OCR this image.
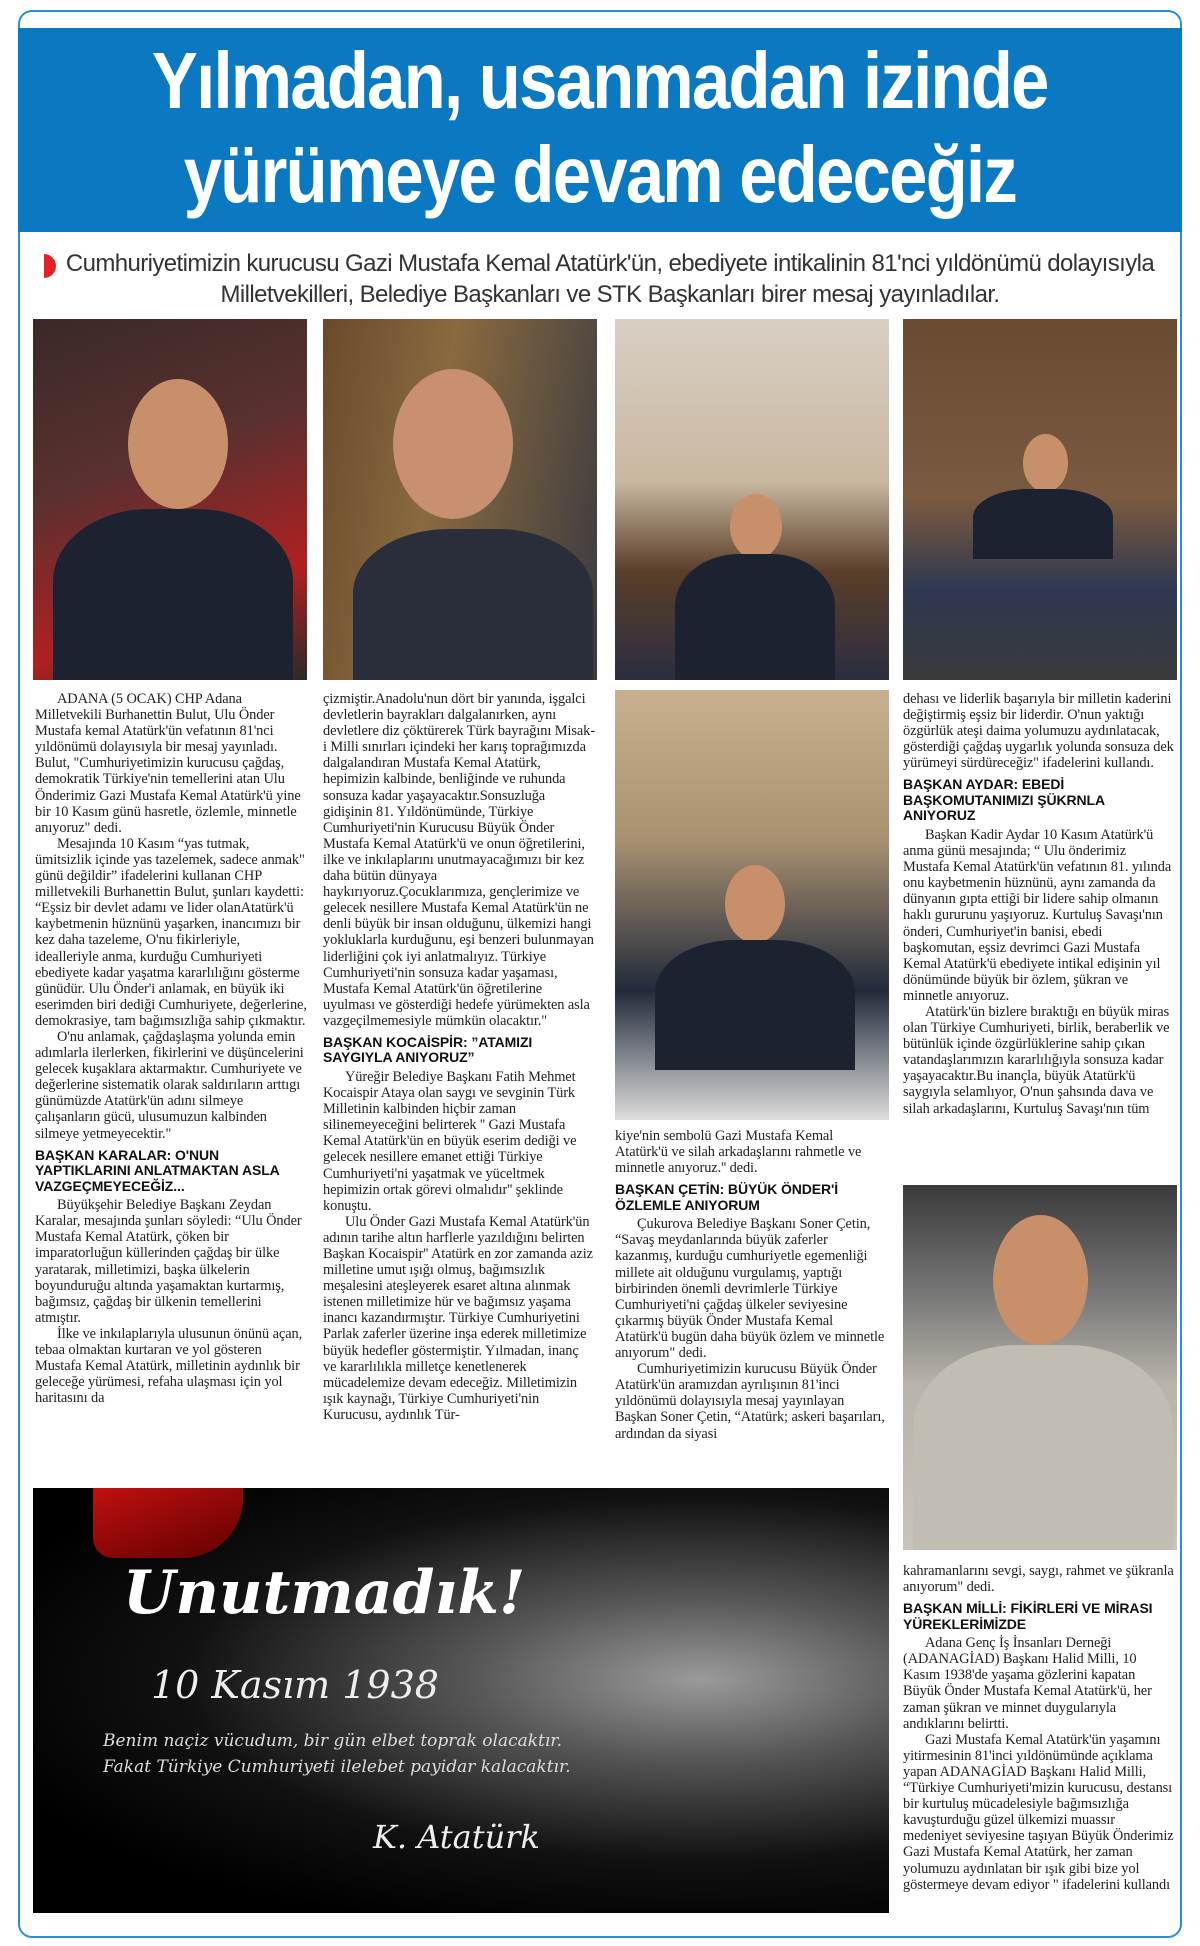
Yılmadan, usanmadan izinde
yürümeye devam edeceğiz
Cumhuriyetimizin kurucusu Gazi Mustafa Kemal Atatürk'ün, ebediyete intikalinin 81'nci yıldönümü dolayısıyla Milletvekilleri, Belediye Başkanları ve STK Başkanları birer mesaj yayınladılar.

ADANA (5 OCAK) CHP Adana Milletvekili Burhanettin Bulut, Ulu Önder Mustafa kemal Atatürk'ün vefatının 81'nci yıldönümü dolayısıyla bir mesaj yayınladı. Bulut, "Cumhuriyetimizin kurucusu çağdaş, demokratik Türkiye'nin temellerini atan Ulu Önderimiz Gazi Mustafa Kemal Atatürk'ü yine bir 10 Kasım günü hasretle, özlemle, minnetle anıyoruz" dedi.

Mesajında 10 Kasım “yas tutmak, ümitsizlik içinde yas tazelemek, sadece anmak" günü değildir” ifadelerini kullanan CHP milletvekili Burhanettin Bulut, şunları kaydetti: “Eşsiz bir devlet adamı ve lider olanAtatürk'ü kaybetmenin hüznünü yaşarken, inancımızı bir kez daha tazeleme, O'nu fikirleriyle, idealleriyle anma, kurduğu Cumhuriyeti ebediyete kadar yaşatma kararlılığını gösterme günüdür. Ulu Önder'i anlamak, en büyük iki eserimden biri dediği Cumhuriyete, değerlerine, demokrasiye, tam bağımsızlığa sahip çıkmaktır.

O'nu anlamak, çağdaşlaşma yolunda emin adımlarla ilerlerken, fikirlerini ve düşüncelerini gelecek kuşaklara aktarmaktır. Cumhuriyete ve değerlerine sistematik olarak saldırıların arttıgı günümüzde Atatürk'ün adını silmeye çalışanların gücü, ulusumuzun kalbinden silmeye yetmeyecektir."

BAŞKAN KARALAR: O'NUN YAPTIKLARINI ANLATMAKTAN ASLA VAZGEÇMEYECEĞİZ...

Büyükşehir Belediye Başkanı Zeydan Karalar, mesajında şunları söyledi: “Ulu Önder Mustafa Kemal Atatürk, çöken bir imparatorluğun küllerinden çağdaş bir ülke yaratarak, milletimizi, başka ülkelerin boyunduruğu altında yaşamaktan kurtarmış, bağımsız, çağdaş bir ülkenin temellerini atmıştır.

İlke ve inkılaplarıyla ulusunun önünü açan, tebaa olmaktan kurtaran ve yol gösteren Mustafa Kemal Atatürk, milletinin aydınlık bir geleceğe yürümesi, refaha ulaşması için yol haritasını da

çizmiştir.Anadolu'nun dört bir yanında, işgalci devletlerin bayrakları dalgalanırken, aynı devletlere diz çöktürerek Türk bayrağını Misak-i Milli sınırları içindeki her karış toprağımızda dalgalandıran Mustafa Kemal Atatürk, hepimizin kalbinde, benliğinde ve ruhunda sonsuza kadar yaşayacaktır.Sonsuzluğa gidişinin 81. Yıldönümünde, Türkiye Cumhuriyeti'nin Kurucusu Büyük Önder Mustafa Kemal Atatürk'ü ve onun öğretilerini, ilke ve inkılaplarını unutmayacağımızı bir kez daha bütün dünyaya haykırıyoruz.Çocuklarımıza, gençlerimize ve gelecek nesillere Mustafa Kemal Atatürk'ün ne denli büyük bir insan olduğunu, ülkemizi hangi yokluklarla kurduğunu, eşi benzeri bulunmayan liderliğini çok iyi anlatmalıyız. Türkiye Cumhuriyeti'nin sonsuza kadar yaşaması, Mustafa Kemal Atatürk'ün öğretilerine uyulması ve gösterdiği hedefe yürümekten asla vazgeçilmemesiyle mümkün olacaktır."

BAŞKAN KOCAİSPİR: ”ATAMIZI SAYGIYLA ANIYORUZ”

Yüreğir Belediye Başkanı Fatih Mehmet Kocaispir Ataya olan saygı ve sevginin Türk Milletinin kalbinden hiçbir zaman silinemeyeceğini belirterek '' Gazi Mustafa Kemal Atatürk'ün en büyük eserim dediği ve gelecek nesillere emanet ettiği Türkiye Cumhuriyeti'ni yaşatmak ve yüceltmek hepimizin ortak görevi olmalıdır'' şeklinde konuştu.

Ulu Önder Gazi Mustafa Kemal Atatürk'ün adının tarihe altın harflerle yazıldığını belirten Başkan Kocaispir'' Atatürk en zor zamanda aziz milletine umut ışığı olmuş, bağımsızlık meşalesini ateşleyerek esaret altına alınmak istenen milletimize hür ve bağımsız yaşama inancı kazandırmıştır. Türkiye Cumhuriyetini Parlak zaferler üzerine inşa ederek milletimize büyük hedefler göstermiştir. Yılmadan, inanç ve kararlılıkla milletçe kenetlenerek mücadelemize devam edeceğiz. Milletimizin ışık kaynağı, Türkiye Cumhuriyeti'nin Kurucusu, aydınlık Tür-

kiye'nin sembolü Gazi Mustafa Kemal Atatürk'ü ve silah arkadaşlarını rahmetle ve minnetle anıyoruz.'' dedi.

BAŞKAN ÇETİN: BÜYÜK ÖNDER'İ ÖZLEMLE ANIYORUM

Çukurova Belediye Başkanı Soner Çetin, “Savaş meydanlarında büyük zaferler kazanmış, kurduğu cumhuriyetle egemenliği millete ait olduğunu vurgulamış, yaptığı birbirinden önemli devrimlerle Türkiye Cumhuriyeti'ni çağdaş ülkeler seviyesine çıkarmış büyük Önder Mustafa Kemal Atatürk'ü bugün daha büyük özlem ve minnetle anıyorum" dedi.

Cumhuriyetimizin kurucusu Büyük Önder Atatürk'ün aramızdan ayrılışının 81'inci yıldönümü dolayısıyla mesaj yayınlayan Başkan Soner Çetin, “Atatürk; askeri başarıları, ardından da siyasi

dehası ve liderlik başarıyla bir milletin kaderini değiştirmiş eşsiz bir liderdir. O'nun yaktığı özgürlük ateşi daima yolumuzu aydınlatacak, gösterdiği çağdaş uygarlık yolunda sonsuza dek yürümeyi sürdüreceğiz" ifadelerini kullandı.

BAŞKAN AYDAR: EBEDİ BAŞKOMUTANIMIZI ŞÜKRNLA ANIYORUZ

Başkan Kadir Aydar 10 Kasım Atatürk'ü anma günü mesajında; “ Ulu önderimiz Mustafa Kemal Atatürk'ün vefatının 81. yılında onu kaybetmenin hüznünü, aynı zamanda da dünyanın gıpta ettiği bir lidere sahip olmanın haklı gururunu yaşıyoruz. Kurtuluş Savaşı'nın önderi, Cumhuriyet'in banisi, ebedi başkomutan, eşsiz devrimci Gazi Mustafa Kemal Atatürk'ü ebediyete intikal edişinin yıl dönümünde büyük bir özlem, şükran ve minnetle anıyoruz.

Atatürk'ün bizlere bıraktığı en büyük miras olan Türkiye Cumhuriyeti, birlik, beraberlik ve bütünlük içinde özgürlüklerine sahip çıkan vatandaşlarımızın kararlılığıyla sonsuza kadar yaşayacaktır.Bu inançla, büyük Atatürk'ü saygıyla selamlıyor, O'nun şahsında dava ve silah arkadaşlarını, Kurtuluş Savaşı'nın tüm

kahramanlarını sevgi, saygı, rahmet ve şükranla anıyorum" dedi.

BAŞKAN MİLLİ: FİKİRLERİ VE MİRASI YÜREKLERİMİZDE

Adana Genç İş İnsanları Derneği (ADANAGİAD) Başkanı Halid Milli, 10 Kasım 1938'de yaşama gözlerini kapatan Büyük Önder Mustafa Kemal Atatürk'ü, her zaman şükran ve minnet duygularıyla andıklarını belirtti.

Gazi Mustafa Kemal Atatürk'ün yaşamını yitirmesinin 81'inci yıldönümünde açıklama yapan ADANAGİAD Başkanı Halid Milli, “Türkiye Cumhuriyeti'mizin kurucusu, destansı bir kurtuluş mücadelesiyle bağımsızlığa kavuşturduğu güzel ülkemizi muassır medeniyet seviyesine taşıyan Büyük Önderimiz Gazi Mustafa Kemal Atatürk, her zaman yolumuzu aydınlatan bir ışık gibi bize yol göstermeye devam ediyor " ifadelerini kullandı

Unutmadık!
10 Kasım 1938
Benim naçiz vücudum, bir gün elbet toprak olacaktır.
Fakat Türkiye Cumhuriyeti ilelebet payidar kalacaktır.
K. Atatürk
